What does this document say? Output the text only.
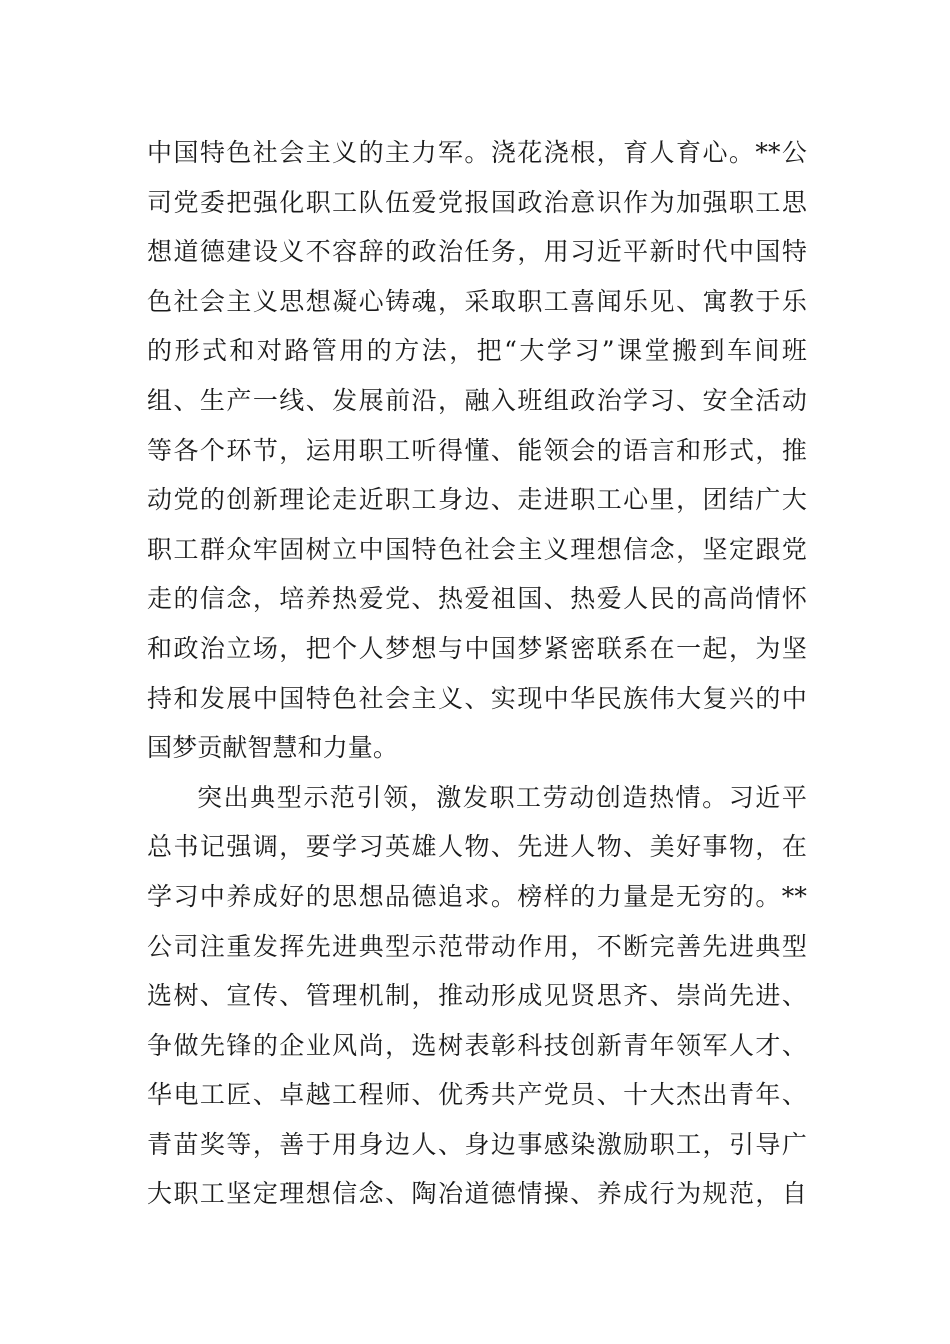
中国特色社会主义的主力军。浇花浇根，育人育心。**公
司党委把强化职工队伍爱党报国政治意识作为加强职工思
想道德建设义不容辞的政治任务，用习近平新时代中国特
色社会主义思想凝心铸魂，采取职工喜闻乐见、寓教于乐
的形式和对路管用的方法，把“大学习”课堂搬到车间班
组、生产一线、发展前沿，融入班组政治学习、安全活动
等各个环节，运用职工听得懂、能领会的语言和形式，推
动党的创新理论走近职工身边、走进职工心里，团结广大
职工群众牢固树立中国特色社会主义理想信念，坚定跟党
走的信念，培养热爱党、热爱祖国、热爱人民的高尚情怀
和政治立场，把个人梦想与中国梦紧密联系在一起，为坚
持和发展中国特色社会主义、实现中华民族伟大复兴的中
国梦贡献智慧和力量。
突出典型示范引领，激发职工劳动创造热情。习近平
总书记强调，要学习英雄人物、先进人物、美好事物，在
学习中养成好的思想品德追求。榜样的力量是无穷的。**
公司注重发挥先进典型示范带动作用，不断完善先进典型
选树、宣传、管理机制，推动形成见贤思齐、崇尚先进、
争做先锋的企业风尚，选树表彰科技创新青年领军人才、
华电工匠、卓越工程师、优秀共产党员、十大杰出青年、
青苗奖等，善于用身边人、身边事感染激励职工，引导广
大职工坚定理想信念、陶冶道德情操、养成行为规范，自
